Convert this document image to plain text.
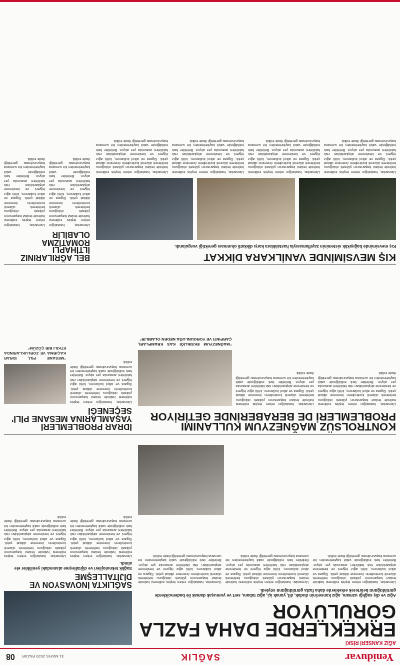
Yeniduvar
SAĞLIK
31 MAYIS 2020 PAZAR
08
AĞIZ KANSERİ RİSKİ
ERKEKLERDE DAHA FAZLA GÖRÜLÜYOR
Ağız ve diş sağlığı uzmanı, ağız kanserinin dudak, dil, yanak içi, ağız tabanı, sert ve yumuşak damak ile bademciklerde görüldüğünü belirterek erkeklerde daha fazla görüldüğünü söyledi.
Uzmanlar, hastalığın erken teşhis edilmesi halinde tedavi başarısının yüksek olduğunu belirterek düzenli kontrollerin önemine dikkat çekti. Sigara ve alkol kullanımı, kötü ağız hijyeni ve beslenme alışkanlıkları risk faktörleri arasında yer alıyor. Belirtiler fark edildiğinde vakit kaybetmeden bir uzmana başvurulması gerektiği ifade edildi.
Uzmanlar, hastalığın erken teşhis edilmesi halinde tedavi başarısının yüksek olduğunu belirterek düzenli kontrollerin önemine dikkat çekti. Sigara ve alkol kullanımı, kötü ağız hijyeni ve beslenme alışkanlıkları risk faktörleri arasında yer alıyor. Belirtiler fark edildiğinde vakit kaybetmeden bir uzmana başvurulması gerektiği ifade edildi.
Uzmanlar, hastalığın erken teşhis edilmesi halinde tedavi başarısının yüksek olduğunu belirterek düzenli kontrollerin önemine dikkat çekti. Sigara ve alkol kullanımı, kötü ağız hijyeni ve beslenme alışkanlıkları risk faktörleri arasında yer alıyor. Belirtiler fark edildiğinde vakit kaybetmeden bir uzmana başvurulması gerektiği ifade edildi.
SAĞLIKTA İNOVASYON VE DİJİTALLEŞME
Sağlık teknolojileri ve dijitalleşme alanındaki yenilikler ele alındı.
Uzmanlar, hastalığın erken teşhis edilmesi halinde tedavi başarısının yüksek olduğunu belirterek düzenli kontrollerin önemine dikkat çekti. Sigara ve alkol kullanımı, kötü ağız hijyeni ve beslenme alışkanlıkları risk faktörleri arasında yer alıyor. Belirtiler fark edildiğinde vakit kaybetmeden bir uzmana başvurulması gerektiği ifade edildi.
Uzmanlar, hastalığın erken teşhis edilmesi halinde tedavi başarısının yüksek olduğunu belirterek düzenli kontrollerin önemine dikkat çekti. Sigara ve alkol kullanımı, kötü ağız hijyeni ve beslenme alışkanlıkları risk faktörleri arasında yer alıyor. Belirtiler fark edildiğinde vakit kaybetmeden bir uzmana başvurulması gerektiği ifade edildi.
KONTROLSÜZ MAĞNEZYUM KULLANIMI PROBLEMLERİ DE BERABERİNDE GETİRİYOR
Uzmanlar, hastalığın erken teşhis edilmesi halinde tedavi başarısının yüksek olduğunu belirterek düzenli kontrollerin önemine dikkat çekti. Sigara ve alkol kullanımı, kötü ağız hijyeni ve beslenme alışkanlıkları risk faktörleri arasında yer alıyor. Belirtiler fark edildiğinde vakit kaybetmeden bir uzmana başvurulması gerektiği ifade edildi.
Uzmanlar, hastalığın erken teşhis edilmesi halinde tedavi başarısının yüksek olduğunu belirterek düzenli kontrollerin önemine dikkat çekti. Sigara ve alkol kullanımı, kötü ağız hijyeni ve beslenme alışkanlıkları risk faktörleri arasında yer alıyor. Belirtiler fark edildiğinde vakit kaybetmeden bir uzmana başvurulması gerektiği ifade edildi.
"MAĞNEZYUM EKSİKLİĞİ KAS KRAMPLARI, ÇARPINTI VE YORGUNLUĞA NEDEN OLABİLİR"
İDRAR PROBLEMLERİ YAŞAMLARINA MESANE PİLİ' SEÇENEĞİ
Uzmanlar, hastalığın erken teşhis edilmesi halinde tedavi başarısının yüksek olduğunu belirterek düzenli kontrollerin önemine dikkat çekti. Sigara ve alkol kullanımı, kötü ağız hijyeni ve beslenme alışkanlıkları risk faktörleri arasında yer alıyor. Belirtiler fark edildiğinde vakit kaybetmeden bir uzmana başvurulması gerektiği ifade edildi.
"MESANE PİLİ, İDRAR KAÇIRMA VE ZORLUKLARINDA ETKİLİ BİR ÇÖZÜM"
KIŞ MEVSİMİNDE VANİLKARA DİKKAT
Kış mevsiminde bağışıklık sisteminin zayıflamasıyla hastalıklara karşı dikkatli olunması gerektiği vurgulandı.
Uzmanlar, hastalığın erken teşhis edilmesi halinde tedavi başarısının yüksek olduğunu belirterek düzenli kontrollerin önemine dikkat çekti. Sigara ve alkol kullanımı, kötü ağız hijyeni ve beslenme alışkanlıkları risk faktörleri arasında yer alıyor. Belirtiler fark edildiğinde vakit kaybetmeden bir uzmana başvurulması gerektiği ifade edildi.
Uzmanlar, hastalığın erken teşhis edilmesi halinde tedavi başarısının yüksek olduğunu belirterek düzenli kontrollerin önemine dikkat çekti. Sigara ve alkol kullanımı, kötü ağız hijyeni ve beslenme alışkanlıkları risk faktörleri arasında yer alıyor. Belirtiler fark edildiğinde vakit kaybetmeden bir uzmana başvurulması gerektiği ifade edildi.
Uzmanlar, hastalığın erken teşhis edilmesi halinde tedavi başarısının yüksek olduğunu belirterek düzenli kontrollerin önemine dikkat çekti. Sigara ve alkol kullanımı, kötü ağız hijyeni ve beslenme alışkanlıkları risk faktörleri arasında yer alıyor. Belirtiler fark edildiğinde vakit kaybetmeden bir uzmana başvurulması gerektiği ifade edildi.
Uzmanlar, hastalığın erken teşhis edilmesi halinde tedavi başarısının yüksek olduğunu belirterek düzenli kontrollerin önemine dikkat çekti. Sigara ve alkol kullanımı, kötü ağız hijyeni ve beslenme alışkanlıkları risk faktörleri arasında yer alıyor. Belirtiler fark edildiğinde vakit kaybetmeden bir uzmana başvurulması gerektiği ifade edildi.
BEL AĞRILARINIZ İLTİHAPLI ROMATİZMA OLABİLİR
Uzmanlar, hastalığın erken teşhis edilmesi halinde tedavi başarısının yüksek olduğunu belirterek düzenli kontrollerin önemine dikkat çekti. Sigara ve alkol kullanımı, kötü ağız hijyeni ve beslenme alışkanlıkları risk faktörleri arasında yer alıyor. Belirtiler fark edildiğinde vakit kaybetmeden bir uzmana başvurulması gerektiği ifade edildi.
Uzmanlar, hastalığın erken teşhis edilmesi halinde tedavi başarısının yüksek olduğunu belirterek düzenli kontrollerin önemine dikkat çekti. Sigara ve alkol kullanımı, kötü ağız hijyeni ve beslenme alışkanlıkları risk faktörleri arasında yer alıyor. Belirtiler fark edildiğinde vakit kaybetmeden bir uzmana başvurulması gerektiği ifade edildi.
